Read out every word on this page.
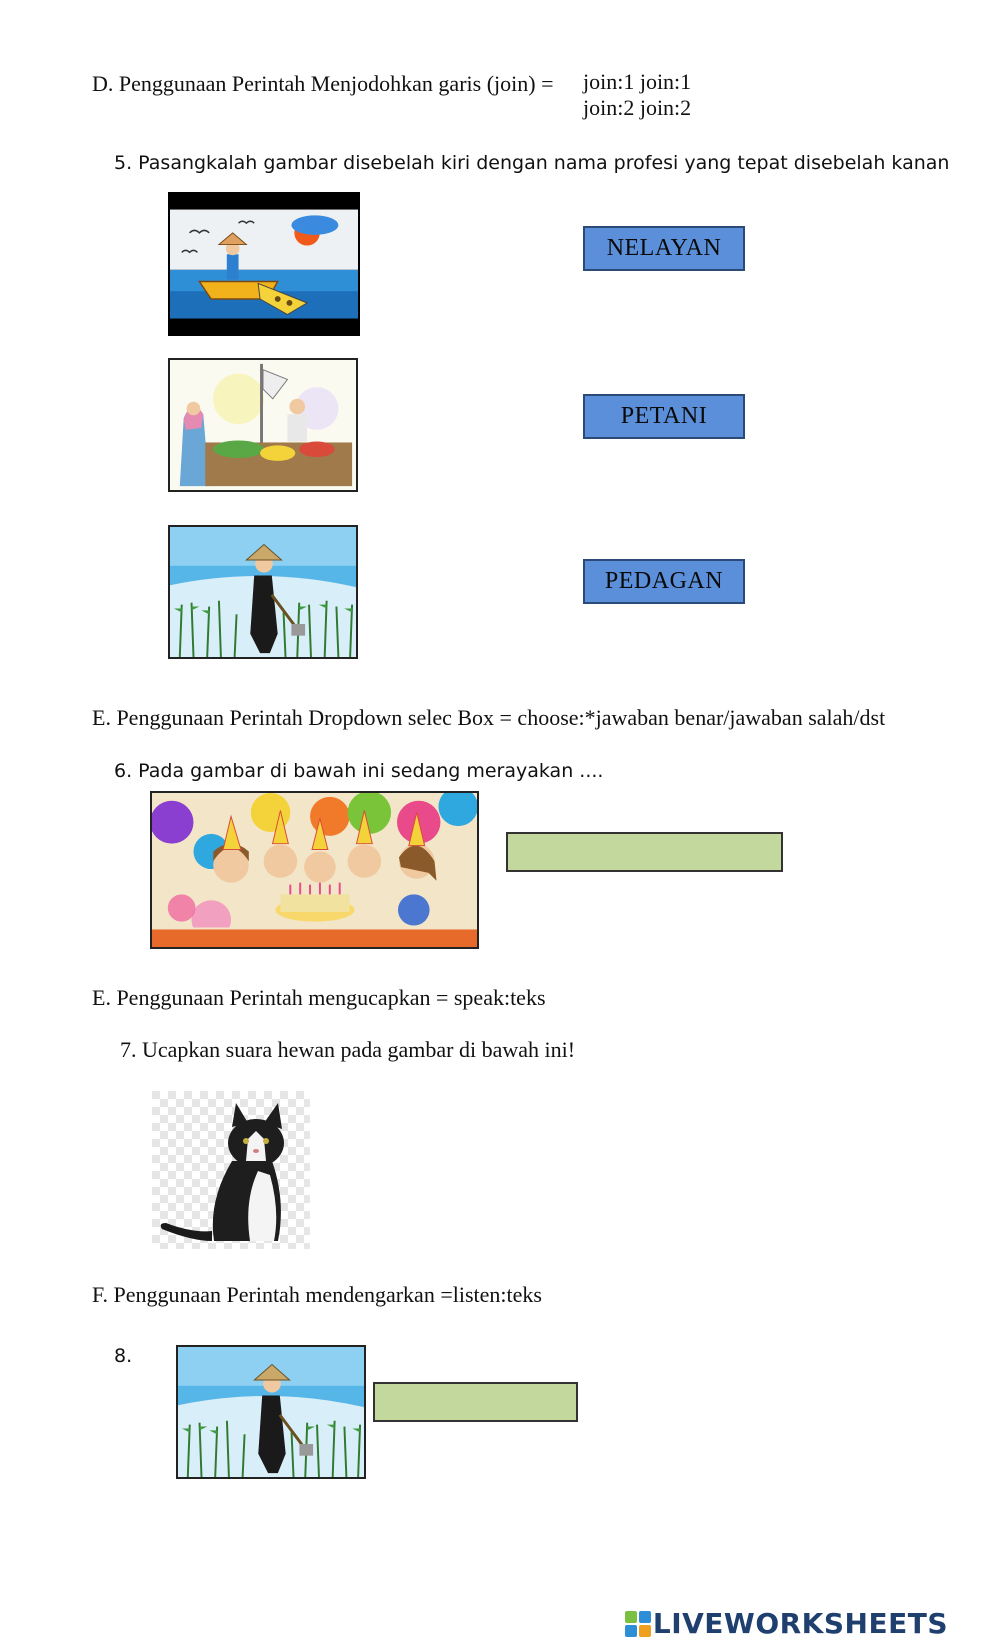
D. Penggunaan Perintah Menjodohkan garis (join) = join:1 join:1
join:2 join:2
5. Pasangkalah gambar disebelah kiri dengan nama profesi yang tepat disebelah kanan
NELAYAN
PETANI
PEDAGAN
E. Penggunaan Perintah Dropdown selec Box = choose:*jawaban benar/jawaban salah/dst
6. Pada gambar di bawah ini sedang merayakan ....
E. Penggunaan Perintah mengucapkan = speak:teks
7. Ucapkan suara hewan pada gambar di bawah ini!
F. Penggunaan Perintah mendengarkan =listen:teks
8.
LIVEWORKSHEETS
